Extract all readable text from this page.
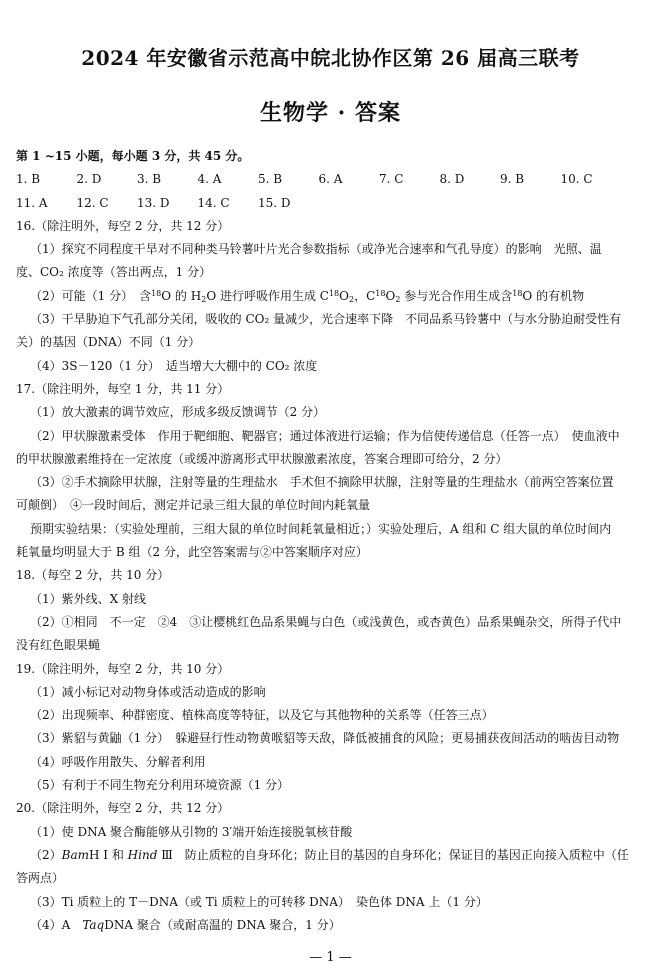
2024 年安徽省示范高中皖北协作区第 26 届高三联考
生物学 · 答案
第 1 ~15 小题，每小题 3 分，共 45 分。
1. B	2. D	3. B	4. A	5. B	6. A	7. C	8. D	9. B	10. C
11. A	12. C	13. D	14. C	15. D
16.（除注明外，每空 2 分，共 12 分）
（1）探究不同程度干旱对不同种类马铃薯叶片光合参数指标（或净光合速率和气孔导度）的影响　光照、温
度、CO₂ 浓度等（答出两点，1 分）
（2）可能（1 分）　含$^{18}$O 的 $H_2O$ 进行呼吸作用生成 $C^{18}O_2$，$C^{18}O_2$ 参与光合作用生成含$^{18}$O 的有机物
（3）干旱胁迫下气孔部分关闭，吸收的 CO₂ 量减少，光合速率下降　不同品系马铃薯中（与水分胁迫耐受性有
关）的基因（DNA）不同（1 分）
（4）3S－120（1 分）　适当增大大棚中的 CO₂ 浓度
17.（除注明外，每空 1 分，共 11 分）
（1）放大激素的调节效应，形成多级反馈调节（2 分）
（2）甲状腺激素受体　作用于靶细胞、靶器官；通过体液进行运输；作为信使传递信息（任答一点）　使血液中
的甲状腺激素维持在一定浓度（或缓冲游离形式甲状腺激素浓度，答案合理即可给分，2 分）
（3）②手术摘除甲状腺，注射等量的生理盐水　手术但不摘除甲状腺，注射等量的生理盐水（前两空答案位置
可颠倒）　④一段时间后，测定并记录三组大鼠的单位时间内耗氧量
预期实验结果：（实验处理前，三组大鼠的单位时间耗氧量相近；）实验处理后，A 组和 C 组大鼠的单位时间内
耗氧量均明显大于 B 组（2 分，此空答案需与②中答案顺序对应）
18.（每空 2 分，共 10 分）
（1）紫外线、X 射线
（2）①相同　不一定　②4　③让樱桃红色品系果蝇与白色（或浅黄色，或杏黄色）品系果蝇杂交，所得子代中
没有红色眼果蝇
19.（除注明外，每空 2 分，共 10 分）
（1）减小标记对动物身体或活动造成的影响
（2）出现频率、种群密度、植株高度等特征，以及它与其他物种的关系等（任答三点）
（3）紫貂与黄鼬（1 分）　躲避昼行性动物黄喉貂等天敌，降低被捕食的风险；更易捕获夜间活动的啮齿目动物
（4）呼吸作用散失、分解者利用
（5）有利于不同生物充分利用环境资源（1 分）
20.（除注明外，每空 2 分，共 12 分）
（1）使 DNA 聚合酶能够从引物的 3′端开始连接脱氧核苷酸
（2）BamH Ⅰ 和 Hind Ⅲ　防止质粒的自身环化；防止目的基因的自身环化；保证目的基因正向接入质粒中（任
答两点）
（3）Ti 质粒上的 T－DNA（或 Ti 质粒上的可转移 DNA）　染色体 DNA 上（1 分）
（4）A　TaqDNA 聚合（或耐高温的 DNA 聚合，1 分）
— 1 —
